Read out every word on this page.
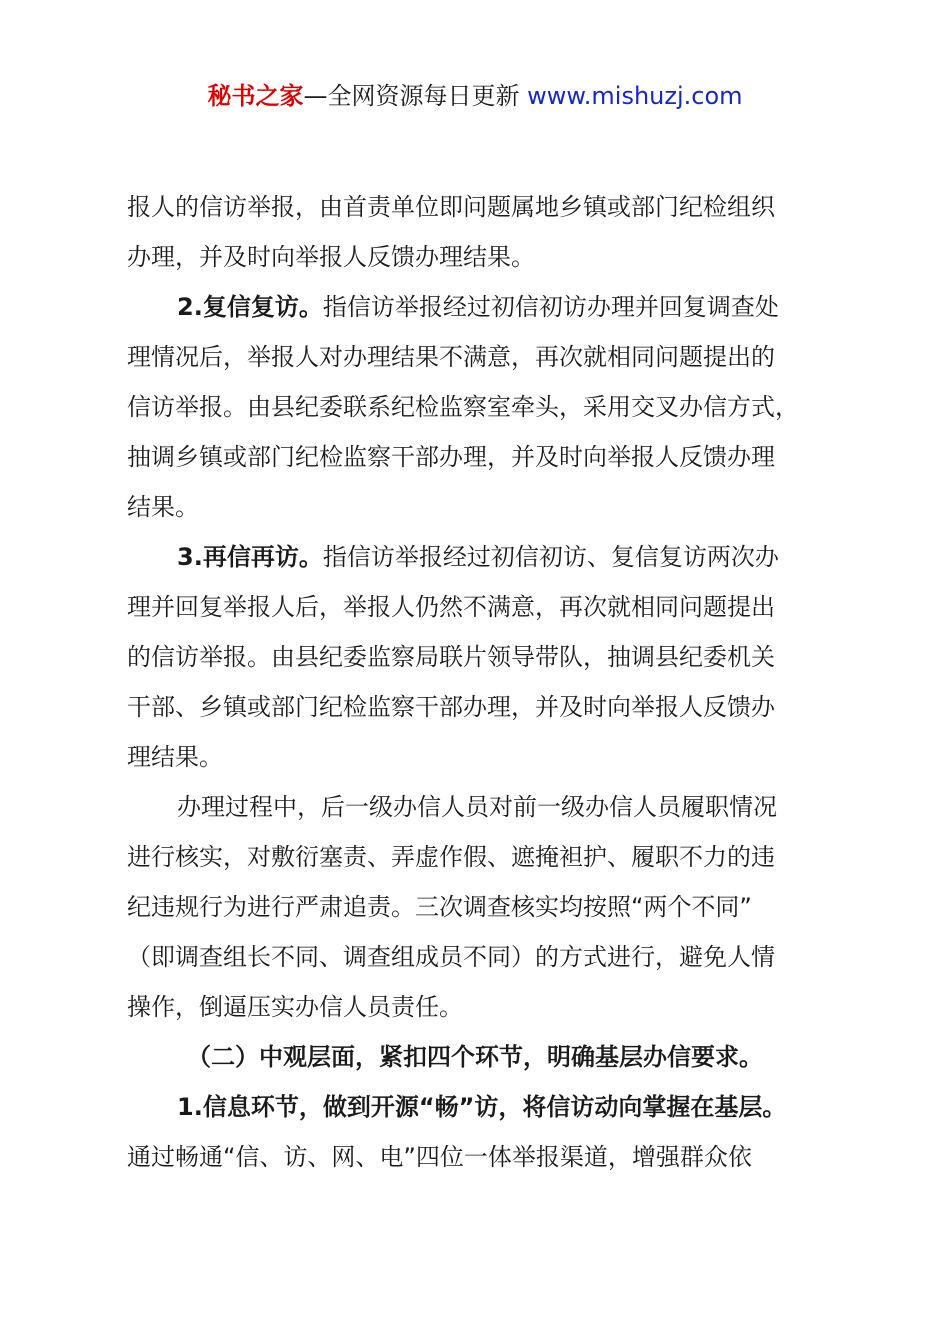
秘书之家—全网资源每日更新 www.mishuzj.com
报人的信访举报，由首责单位即问题属地乡镇或部门纪检组织
办理，并及时向举报人反馈办理结果。
2.复信复访。指信访举报经过初信初访办理并回复调查处
理情况后，举报人对办理结果不满意，再次就相同问题提出的
信访举报。由县纪委联系纪检监察室牵头，采用交叉办信方式，
抽调乡镇或部门纪检监察干部办理，并及时向举报人反馈办理
结果。
3.再信再访。指信访举报经过初信初访、复信复访两次办
理并回复举报人后，举报人仍然不满意，再次就相同问题提出
的信访举报。由县纪委监察局联片领导带队，抽调县纪委机关
干部、乡镇或部门纪检监察干部办理，并及时向举报人反馈办
理结果。
办理过程中，后一级办信人员对前一级办信人员履职情况
进行核实，对敷衍塞责、弄虚作假、遮掩袒护、履职不力的违
纪违规行为进行严肃追责。三次调查核实均按照“两个不同”
（即调查组长不同、调查组成员不同）的方式进行，避免人情
操作，倒逼压实办信人员责任。
（二）中观层面，紧扣四个环节，明确基层办信要求。
1.信息环节，做到开源“畅”访，将信访动向掌握在基层。
通过畅通“信、访、网、电”四位一体举报渠道，增强群众依
